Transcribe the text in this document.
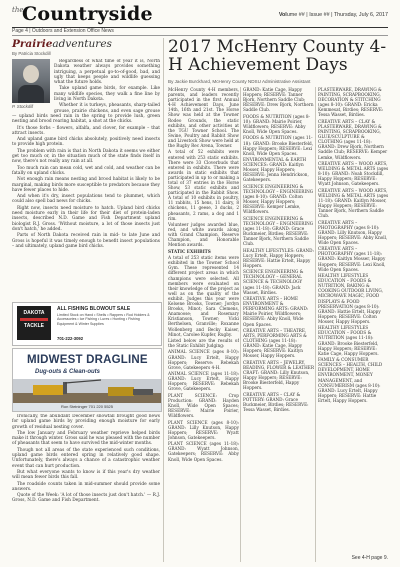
the
Countryside	Volume ## | Issue ## | Thursday, July 6, 2017
Page 4 | Outdoors and Extension Office News
Prairieadventures
By Patricia Stockdill

Regardless of what time of year it is, North Dakota weather always provides something intriguing, a perpetual go-to-of-good, bad, and ugly that keeps people and wildlife guessing what the future holds.

Take upland game birds, for example. Like many wildlife species, they walk a fine line by living in North Dakota.

Whether it is turkeys, pheasants, sharp-tailed grouse, prairie chickens, and even sage grouse — upland birds need rain in the spring to provide lush, green nesting and brood rearing habitat, a shot at the chicks.

It's those forbs – flowers, alfalfa, and clover, for example – that attract insects.

And upland game bird chicks absolutely, positively need insects to provide high protein.

The problem with rain is that in North Dakota it seems we either get too much or, in the situation much of the state finds itself in now, there's not really any rain at all.

Too much rain can mean cold, wet and cold, and weather can be fatally on upland chicks.

Not enough rain means nesting and brood habitat is likely to be marginal, making birds more susceptible to predators because they have fewer places to hide.

And when it's dry, insect populations tend to plummet, which could also spell bad news for chicks.

Right now, insects need moisture to hatch. Upland bird chicks need moisture early in their life for their diet of protein-laden insects, described N.D. Game and Fish Department upland biologist R.J. Gross. 'Without moisture, a lot of those insects just don't hatch,' he added.

Parts of North Dakota received rain in mid- to late June and Gross is hopeful it was timely enough to benefit insect populations – and ultimately, upland game bird chicks.

P. Stockdill
DAKOTA
TACKLE
ALL FISHING BLOWOUT SALE
Limited Stock on Hand • Shells • Rappers • Rod Holders & Accessories • Ice Fishing • Lures • Hunting • Fishing Equipment & Winter Supplies
701-222-3092
MIDWEST DRAGLINE
Dug-outs & Clean-outs
Ron Steininger 701 220 5525

Ironically, the abundant December snowfall brought good news for upland game birds by providing enough moisture for early growth of residual nesting cover.

The low January and February weather reprieve helped birds make it through winter. Gross said he was pleased with the number of pheasants that seem to have survived the mid-winter months.

Though not all areas of the state experienced such conditions, upland game birds entered spring in relatively good shape. Unfortunately, there's always a chance of a catastrophic weather event that can hurt production.

But what everyone wants to know is if this year's dry weather will mean fewer birds this fall.

The roadside counts taken in mid-summer should provide some answers.

Quote of the Week: 'A lot of those insects just don't hatch.' — R.J. Gross, N.D. Game and Fish Department.

2017 McHenry County 4-H Achievement Days
By Jackie Burckhard, McHenry County NDSU Administrative Assistant

McHenry County 4-H members, parents, and leaders recently participated in the first Annual 4-H Achievement Days, June 14th, 16th and 21st. The Horse Show was held at the Towner Rodeo Grounds, the static exhibits, and other activities at the TGU Towner School. The Swine, Poultry and Rabbit Show and Livestock Show were held at the Rugby Rec Arena, Towner.

A total of 52 exhibits were entered with 253 static exhibits. There were 33 Cloverbuds that entered in exhibits. There were awards in static exhibits that participated in up to or making a total of 37 entries in the Horse Show, 53 static exhibits and participated in the Rabbit Show. A total of 10 exhibits in poultry, 11 rabbits, 15 hens, 11 dairy, 8 chickens, 11 geese, 3 ducks, 2 pheasants, 2 rams, a dog and 1 rim.

Volunteer judges awarded blue, red, and white awards along with Grand Champion, Reserve Champion, and Honorable Mention awards.

STATIC EXHIBITS

A total of 253 static items were exhibited in the Towner School Gym. These represented 14 different project areas in which champions were selected. All members were evaluated on their knowledge of the project as well as on the quality of the exhibit. Judges this year were Kelsene Brooks, Towner; Jordyn Brooks, Minot; Sara Clemens, Anamoose; and Rosemary Kristianson, Towner; Vicki Berthelsen, Granville; Roxanne Wollenberg and Becky Kaiser, Minot, Carolee Kupfer, Rugby.

Listed below are the results of the Static Exhibit Judging:

ANIMAL SCIENCE (ages 8-10): GRAND: Lucy Ertelt, Happy Hoppers; Reserve: Rebekah Grove, Gatekeepers 4-H.

ANIMAL SCIENCE (ages 11-18): GRAND: Lucy Ertelt, Happy Hoppers; RESERVE: Rebekah Grove, Gatekeepers.

PLANT SCIENCE: Crop Production: GRAND: Hayden Knoll, Wide Open Spaces; RESERVE: Mairie Poirier, Wildflowers.

PLANT SCIENCE (ages 8-10): GRAND: Lilly Knutson, Happy Hoppers; RESERVE: Wyatt Johnson, Gatekeepers.

PLANT SCIENCE (ages 11-18): GRAND: Wyatt Johnson, Gatekeepers; RESERVE: Abby Knoll, Wide Open Spaces.

GRAND: Katie Cage, Happy Hoppers; RESERVE: Tanner Bjork, Northern Saddle Club; RESERVE: Drew Bjork, Northern Saddle Club.

FOODS & NUTRITION (ages 8-10): GRAND: Mairie Poirier, Wildflowers; RESERVE: Abby Knoll, Wide Open Spaces.

FOODS & NUTRITION (ages 11-18): GRAND: Brooke Biesterfeld, Happy Hoppers; RESERVE: Lexi Knoll, Wide Open Spaces.

ENVIRONMENTAL & EARTH SCIENCES: GRAND: Kaitlyn Mosser, Happy Hoppers; RESERVE: Jenna Hendrickson, Gatekeepers.

SCIENCE ENGINEERING & TECHNOLOGY – ENGINEERING (ages 8-10): GRAND: Colton Mosser, Happy Hoppers; RESERVE: Kemper Lemke, Wildflowers.

SCIENCE ENGINEERING & TECHNOLOGY – ENGINEERING (ages 11-18): GRAND: Grace Buckmeier, Birdies; RESERVE: Tanner Bjork, Northern Saddle Club.

HEALTHY LIFESTYLES: GRAND: Lucy Ertelt, Happy Hoppers; RESERVE: Hattie Ertelt, Happy Hoppers.

SCIENCE ENGINEERING & TECHNOLOGY – GENERAL SCIENCE & TECHNOLOGY (ages 11-18): GRAND: Jack Wasset, Birdies.

CREATIVE ARTS – HOME ENVIRONMENT & PERFORMING ARTS: GRAND: Mairie Poirier, Wildflowers; RESERVE: Abby Knoll, Wide Open Spaces.

CREATIVE ARTS – THEATRE, ARTS, PERFORMING ARTS & CLOTHING (ages 11-18): GRAND: Katie Cage, Happy Hoppers; RESERVE: Kaitlyn Mosser, Happy Hoppers.

CREATIVE ARTS – JEWELRY, BEADING, FLOWER & LEATHER CRAFT: GRAND: Lilly Knutson, Happy Hoppers; RESERVE: Brooke Biesterfeld, Happy Hoppers.

CREATIVE ARTS – CLAY & POTTERY: GRAND: Grace Buckmeier, Birdies; RESERVE: Tessa Wasset, Birdies.

PLASTERWARE, DRAWING & PAINTING, SCRAPBOOKING, DECORATION & STITCHING (ages 8-10): GRAND: Ericka Kemmesat, Birdies; RESERVE: Tessa Wasset, Birdies.

CREATIVE ARTS – CLAY & PLASTERWARE, DRAWING & PAINTING, SCRAPBOOKING, GLUE/SCULPTURE & CLOTHING (ages 11-18): GRAND: Drew Bjork, Northern Saddle Club; RESERVE: Kemper Lemke, Wildflowers.

CREATIVE ARTS – WOOD ARTS, WELDING & METAL ARTS (ages 8-10): GRAND: Noah Stockdill, Happy Hoppers; RESERVE: Wyatt Johnson, Gatekeepers.

CREATIVE ARTS – WOOD ARTS, WELDING & METAL ARTS (ages 11-18): GRAND: Kaitlyn Mosser, Happy Hoppers; RESERVE: Tanner Bjork, Northern Saddle Club.

CREATIVE ARTS – PHOTOGRAPHY (ages 8-10): GRAND: Lilly Knutson, Happy Hoppers; RESERVE: Abby Knoll, Wide Open Spaces.

CREATIVE ARTS – PHOTOGRAPHY (ages 11-18): GRAND: Kaitlyn Mosser, Happy Hoppers; RESERVE: Lexi Knoll, Wide Open Spaces.

HEALTHY LIFESTYLES EDUCATION – FOODS & NUTRITION, BAKING & COOKING OUTDOOR LIVING, MICROWAVE MAGIC, FOOD DISPLAYS & FOOD PRESERVATION (ages 8-10): GRAND: Hattie Ertelt, Happy Hoppers; RESERVE: Colton Mosser, Happy Hoppers.

HEALTHY LIFESTYLES EDUCATION – FOODS & NUTRITION (ages 11-18): GRAND: Brooke Biesterfeld, Happy Hoppers; RESERVE: Katie Cage, Happy Hoppers.

FAMILY & CONSUMER SCIENCES – HEALTH, CHILD DEVELOPMENT, HOME ENVIRONMENT, MONEY MANAGEMENT, and CONSUMERISM (ages 8-10): GRAND: Lucy Ertelt, Happy Hoppers; RESERVE: Hattie Ertelt, Happy Hoppers.

See 4-H page 9.
